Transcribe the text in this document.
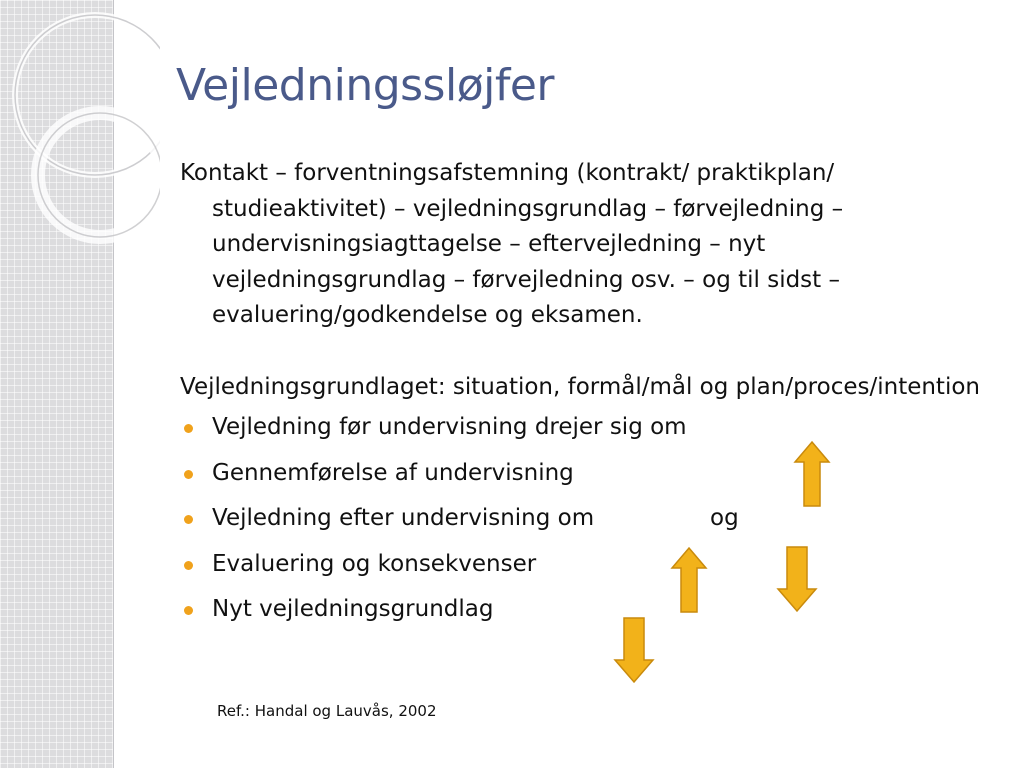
Vejledningssløjfer

Kontakt – forventningsafstemning (kontrakt/ praktikplan/ studieaktivitet) – vejledningsgrundlag – førvejledning – undervisningsiagttagelse – eftervejledning – nyt vejledningsgrundlag – førvejledning osv. – og til sidst – evaluering/godkendelse og eksamen.

Vejledningsgrundlaget: situation, formål/mål og plan/proces/intention

Vejledning før undervisning drejer sig om
Gennemførelse af undervisning
Vejledning efter undervisning om	og
Evaluering og konsekvenser
Nyt vejledningsgrundlag
Ref.: Handal og Lauvås, 2002
